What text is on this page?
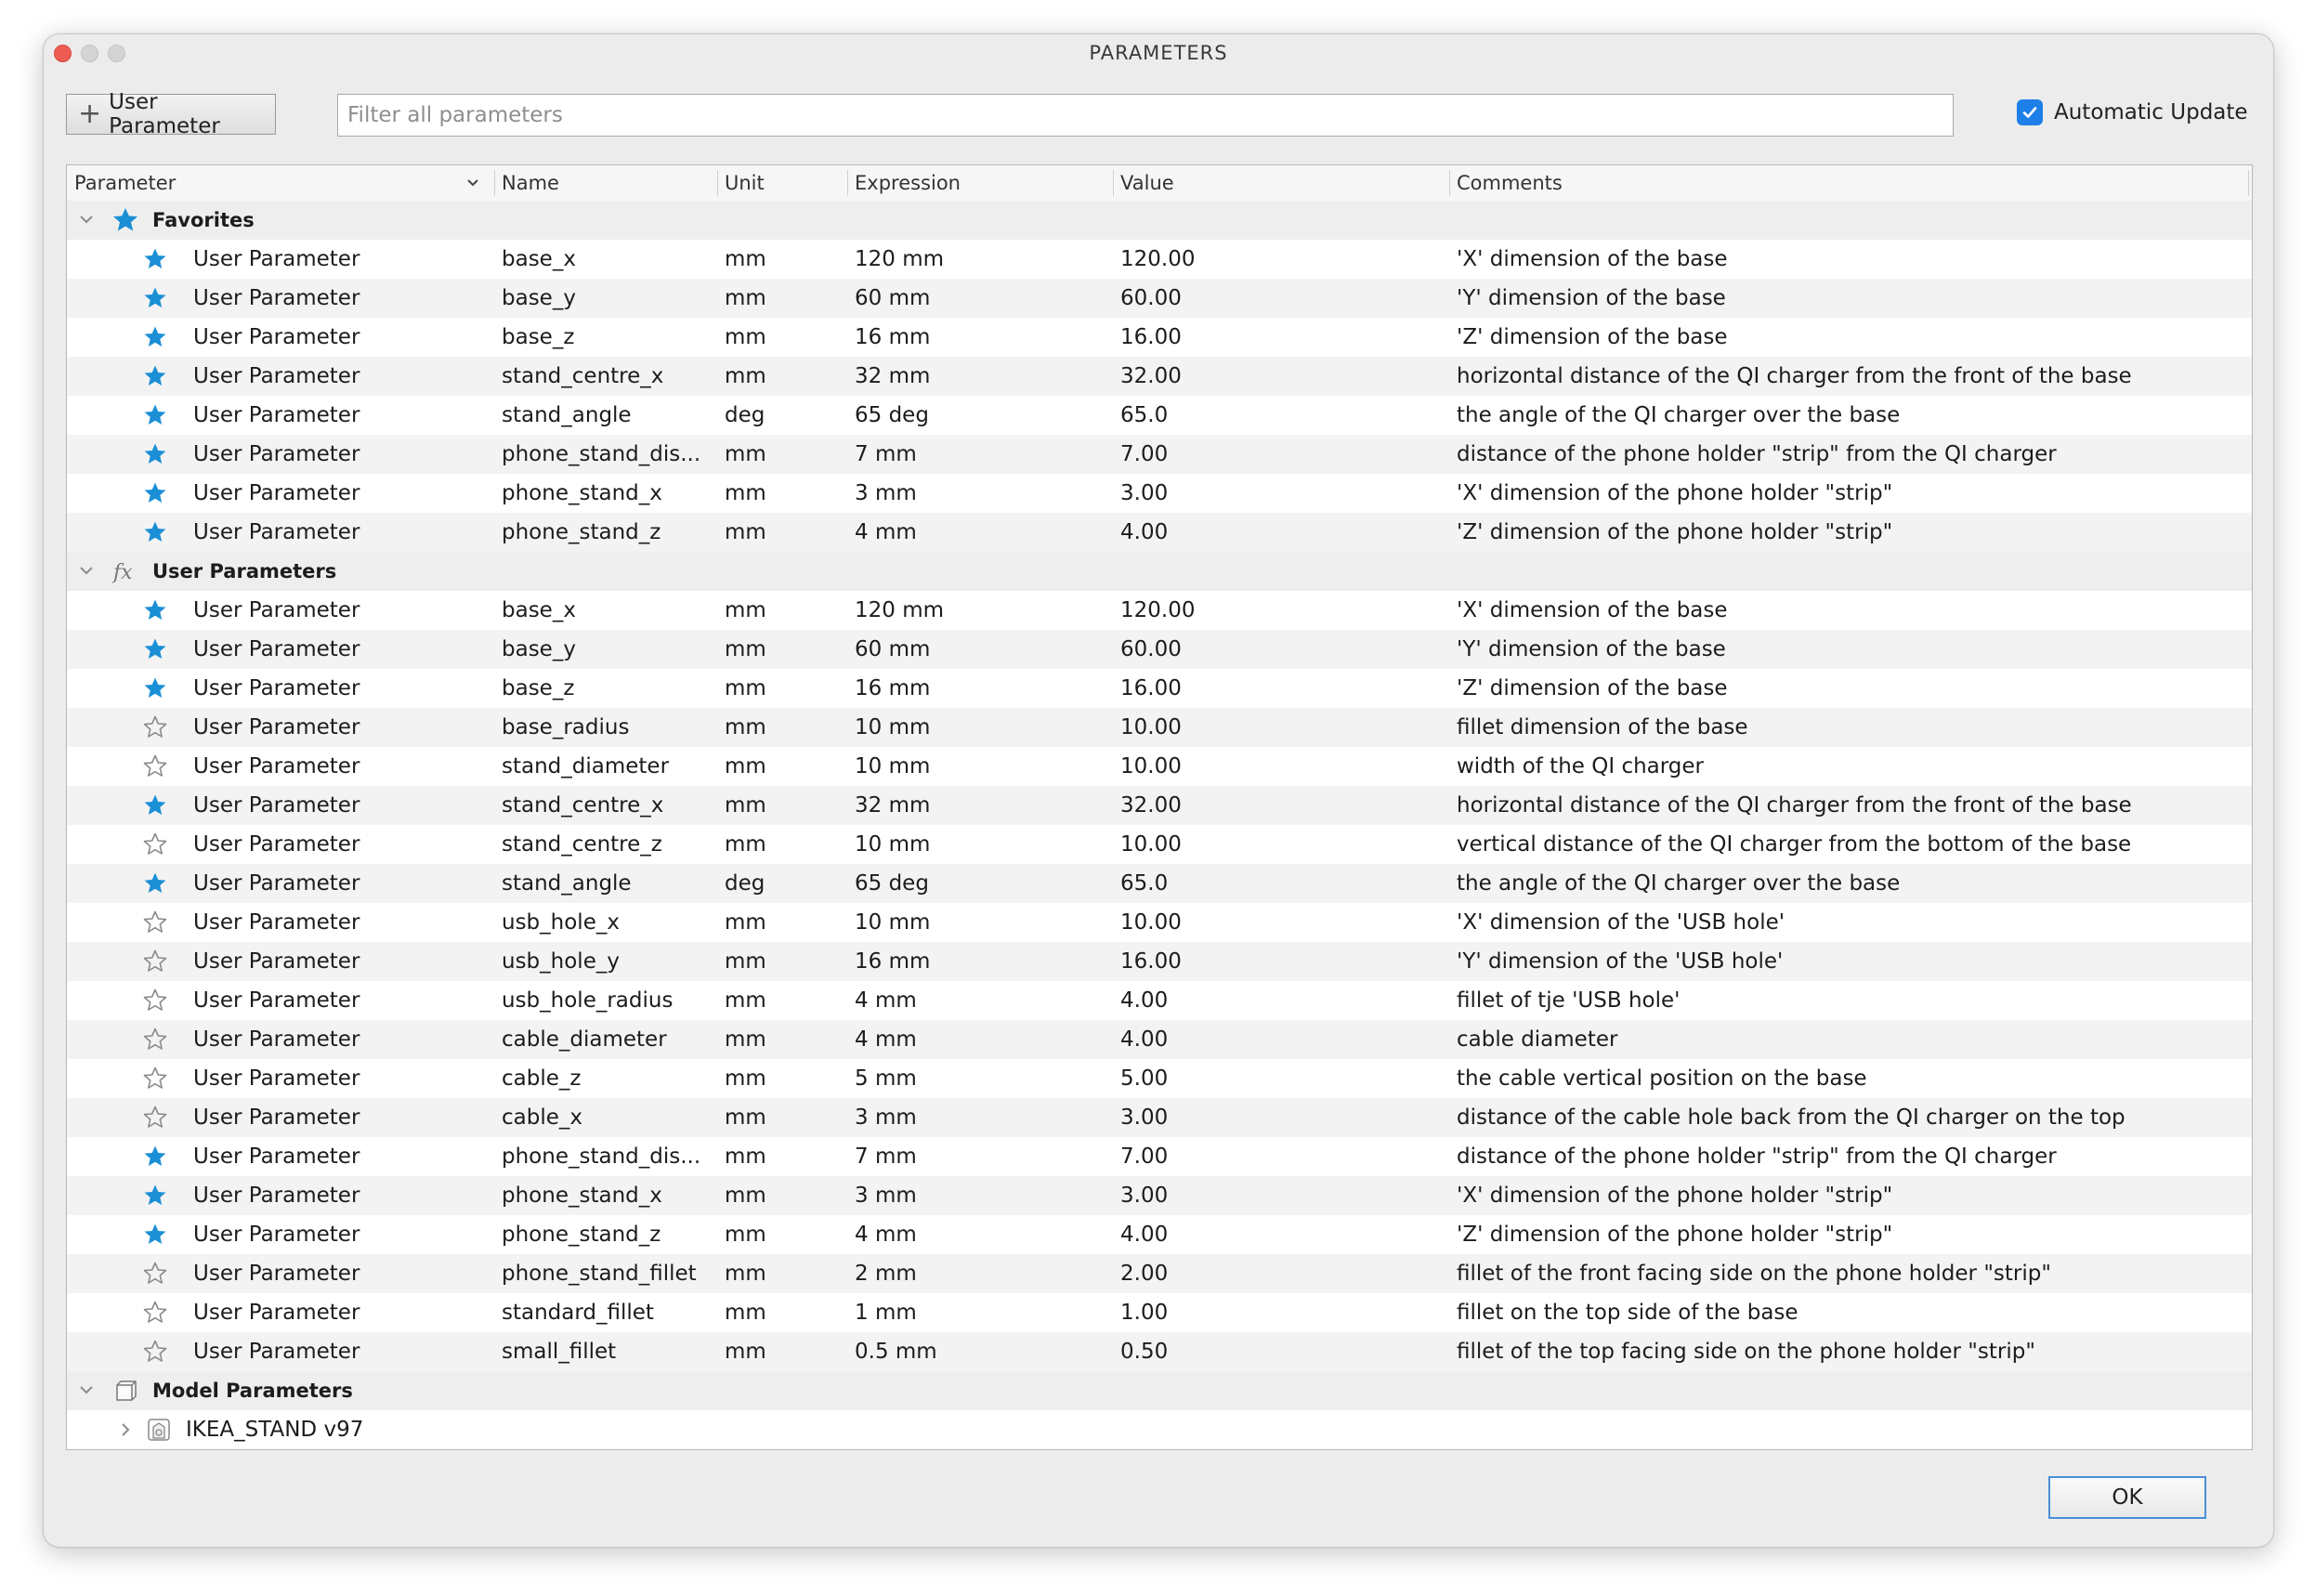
PARAMETERS
+ User Parameter
Filter all parameters
Automatic Update
Parameter	Name	Unit	Expression	Value	Comments
Favorites
User Parameter	base_x	mm	120 mm	120.00	'X' dimension of the base
User Parameter	base_y	mm	60 mm	60.00	'Y' dimension of the base
User Parameter	base_z	mm	16 mm	16.00	'Z' dimension of the base
User Parameter	stand_centre_x	mm	32 mm	32.00	horizontal distance of the QI charger from the front of the base
User Parameter	stand_angle	deg	65 deg	65.0	the angle of the QI charger over the base
User Parameter	phone_stand_dis...	mm	7 mm	7.00	distance of the phone holder "strip" from the QI charger
User Parameter	phone_stand_x	mm	3 mm	3.00	'X' dimension of the phone holder "strip"
User Parameter	phone_stand_z	mm	4 mm	4.00	'Z' dimension of the phone holder "strip"
fx User Parameters
User Parameter	base_x	mm	120 mm	120.00	'X' dimension of the base
User Parameter	base_y	mm	60 mm	60.00	'Y' dimension of the base
User Parameter	base_z	mm	16 mm	16.00	'Z' dimension of the base
User Parameter	base_radius	mm	10 mm	10.00	fillet dimension of the base
User Parameter	stand_diameter	mm	10 mm	10.00	width of the QI charger
User Parameter	stand_centre_x	mm	32 mm	32.00	horizontal distance of the QI charger from the front of the base
User Parameter	stand_centre_z	mm	10 mm	10.00	vertical distance of the QI charger from the bottom of the base
User Parameter	stand_angle	deg	65 deg	65.0	the angle of the QI charger over the base
User Parameter	usb_hole_x	mm	10 mm	10.00	'X' dimension of the 'USB hole'
User Parameter	usb_hole_y	mm	16 mm	16.00	'Y' dimension of the 'USB hole'
User Parameter	usb_hole_radius	mm	4 mm	4.00	fillet of tje 'USB hole'
User Parameter	cable_diameter	mm	4 mm	4.00	cable diameter
User Parameter	cable_z	mm	5 mm	5.00	the cable vertical position on the base
User Parameter	cable_x	mm	3 mm	3.00	distance of the cable hole back from the QI charger on the top
User Parameter	phone_stand_dis...	mm	7 mm	7.00	distance of the phone holder "strip" from the QI charger
User Parameter	phone_stand_x	mm	3 mm	3.00	'X' dimension of the phone holder "strip"
User Parameter	phone_stand_z	mm	4 mm	4.00	'Z' dimension of the phone holder "strip"
User Parameter	phone_stand_fillet	mm	2 mm	2.00	fillet of the front facing side on the phone holder "strip"
User Parameter	standard_fillet	mm	1 mm	1.00	fillet on the top side of the base
User Parameter	small_fillet	mm	0.5 mm	0.50	fillet of the top facing side on the phone holder "strip"
Model Parameters
IKEA_STAND v97
OK
